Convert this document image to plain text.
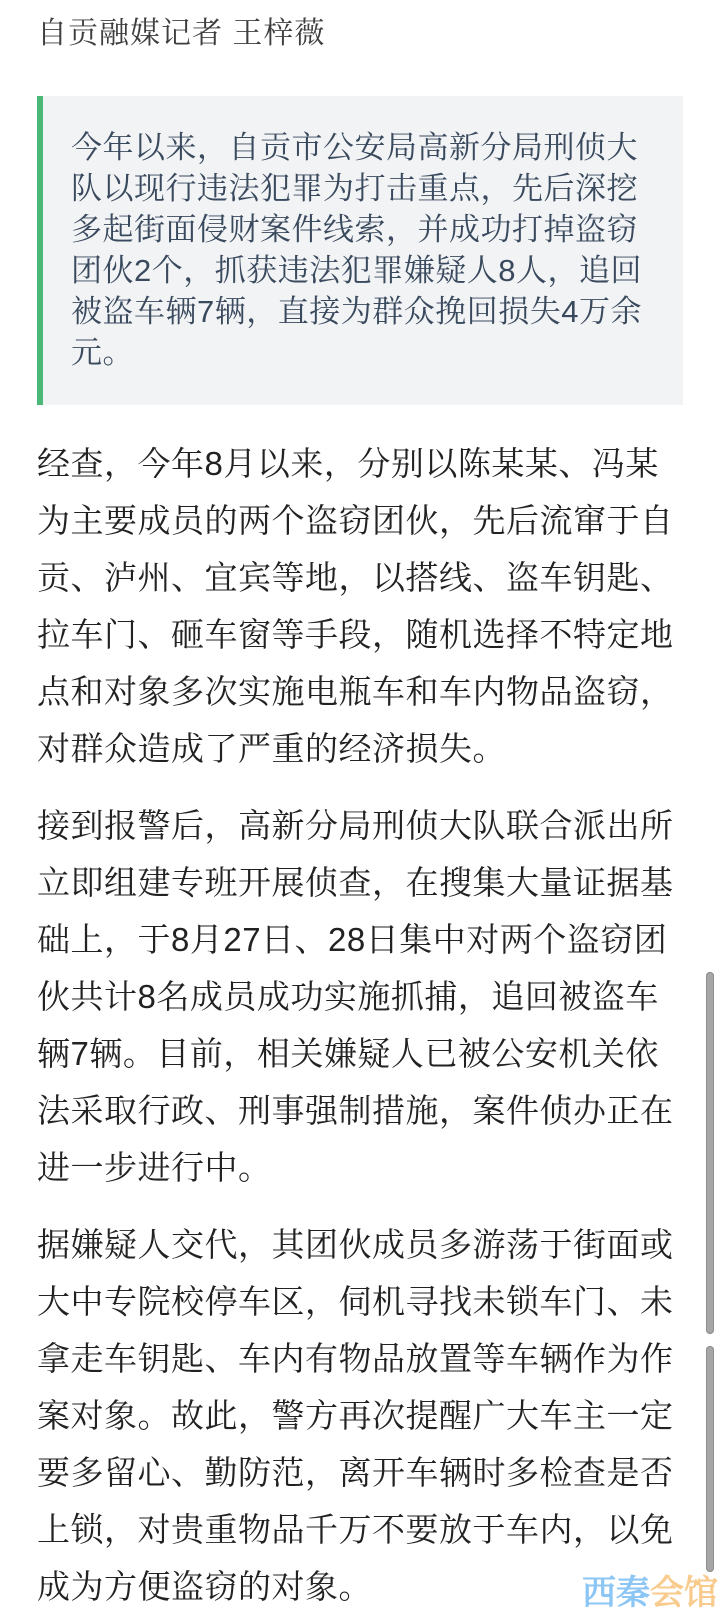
自贡融媒记者 王梓薇
今年以来，自贡市公安局高新分局刑侦大队以现行违法犯罪为打击重点，先后深挖多起街面侵财案件线索，并成功打掉盗窃团伙2个，抓获违法犯罪嫌疑人8人，追回被盗车辆7辆，直接为群众挽回损失4万余元。

经查，今年8月以来，分别以陈某某、冯某为主要成员的两个盗窃团伙，先后流窜于自贡、泸州、宜宾等地，以搭线、盗车钥匙、拉车门、砸车窗等手段，随机选择不特定地点和对象多次实施电瓶车和车内物品盗窃，对群众造成了严重的经济损失。

接到报警后，高新分局刑侦大队联合派出所立即组建专班开展侦查，在搜集大量证据基础上，于8月27日、28日集中对两个盗窃团伙共计8名成员成功实施抓捕，追回被盗车辆7辆。目前，相关嫌疑人已被公安机关依法采取行政、刑事强制措施，案件侦办正在进一步进行中。

据嫌疑人交代，其团伙成员多游荡于街面或大中专院校停车区，伺机寻找未锁车门、未拿走车钥匙、车内有物品放置等车辆作为作案对象。故此，警方再次提醒广大车主一定要多留心、勤防范，离开车辆时多检查是否上锁，对贵重物品千万不要放于车内，以免成为方便盗窃的对象。	西秦会馆
